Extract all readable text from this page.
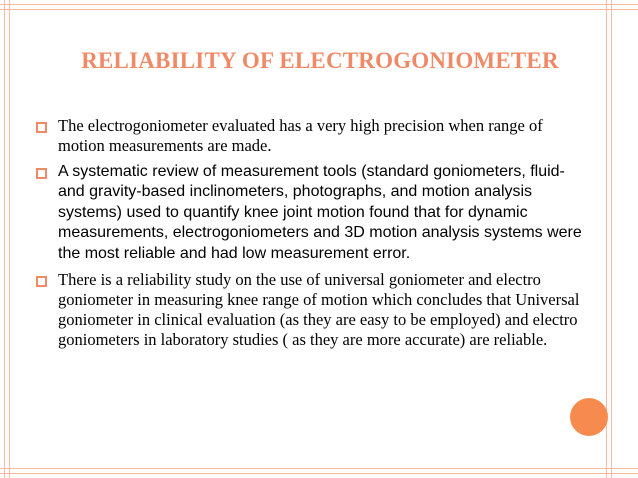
RELIABILITY OF ELECTROGONIOMETER
The electrogoniometer evaluated has a very high precision when range of motion measurements are made.
A systematic review of measurement tools (standard goniometers, fluid- and gravity-based inclinometers, photographs, and motion analysis systems) used to quantify knee joint motion found that for dynamic measurements, electrogoniometers and 3D motion analysis systems were the most reliable and had low measurement error.
There is a reliability study on the use of universal goniometer and electro goniometer in measuring knee range of motion which concludes that Universal goniometer in clinical evaluation (as they are easy to be employed) and electro goniometers in laboratory studies ( as they are more accurate) are reliable.
